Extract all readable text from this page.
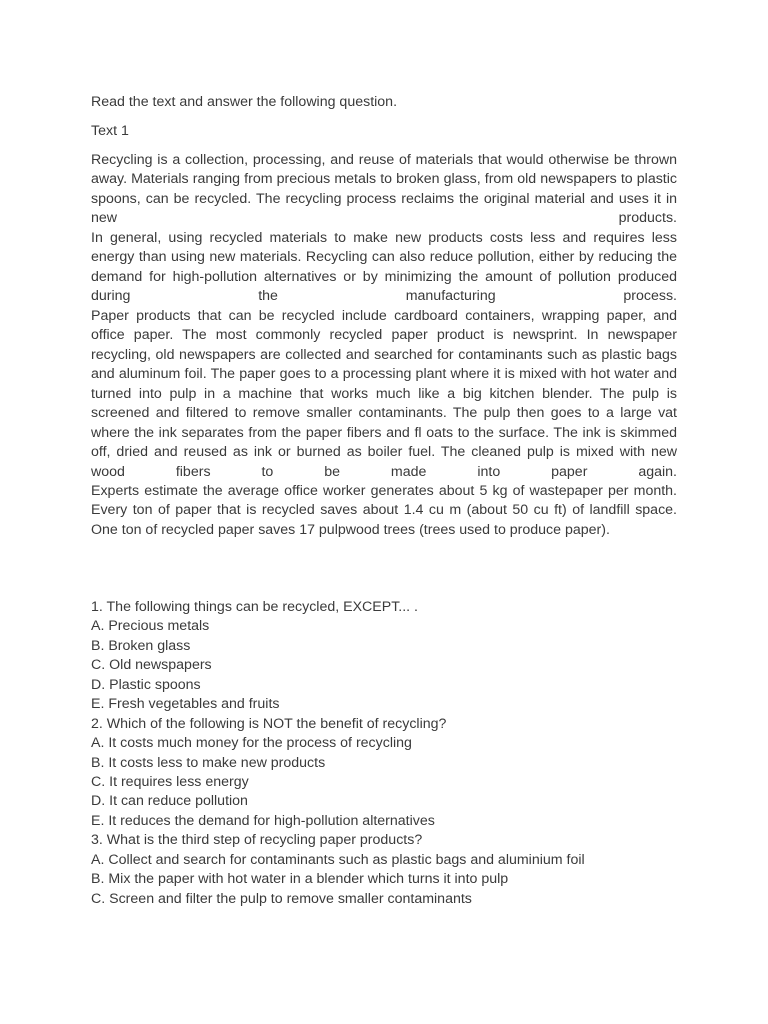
Read the text and answer the following question.
Text 1

Recycling is a collection, processing, and reuse of materials that would otherwise be thrown away. Materials ranging from precious metals to broken glass, from old newspapers to plastic spoons, can be recycled. The recycling process reclaims the original material and uses it in new products.

In general, using recycled materials to make new products costs less and requires less energy than using new materials. Recycling can also reduce pollution, either by reducing the demand for high-pollution alternatives or by minimizing the amount of pollution produced during the manufacturing process.

Paper products that can be recycled include cardboard containers, wrapping paper, and office paper. The most commonly recycled paper product is newsprint. In newspaper recycling, old newspapers are collected and searched for contaminants such as plastic bags and aluminum foil. The paper goes to a processing plant where it is mixed with hot water and turned into pulp in a machine that works much like a big kitchen blender. The pulp is screened and filtered to remove smaller contaminants. The pulp then goes to a large vat where the ink separates from the paper fibers and fl oats to the surface. The ink is skimmed off, dried and reused as ink or burned as boiler fuel. The cleaned pulp is mixed with new wood fibers to be made into paper again.

Experts estimate the average office worker generates about 5 kg of wastepaper per month. Every ton of paper that is recycled saves about 1.4 cu m (about 50 cu ft) of landfill space. One ton of recycled paper saves 17 pulpwood trees (trees used to produce paper).

1. The following things can be recycled, EXCEPT... .
A. Precious metals
B. Broken glass
C. Old newspapers
D. Plastic spoons
E. Fresh vegetables and fruits
2. Which of the following is NOT the benefit of recycling?
A. It costs much money for the process of recycling
B. It costs less to make new products
C. It requires less energy
D. It can reduce pollution
E. It reduces the demand for high-pollution alternatives
3. What is the third step of recycling paper products?
A. Collect and search for contaminants such as plastic bags and aluminium foil
B. Mix the paper with hot water in a blender which turns it into pulp
C. Screen and filter the pulp to remove smaller contaminants
